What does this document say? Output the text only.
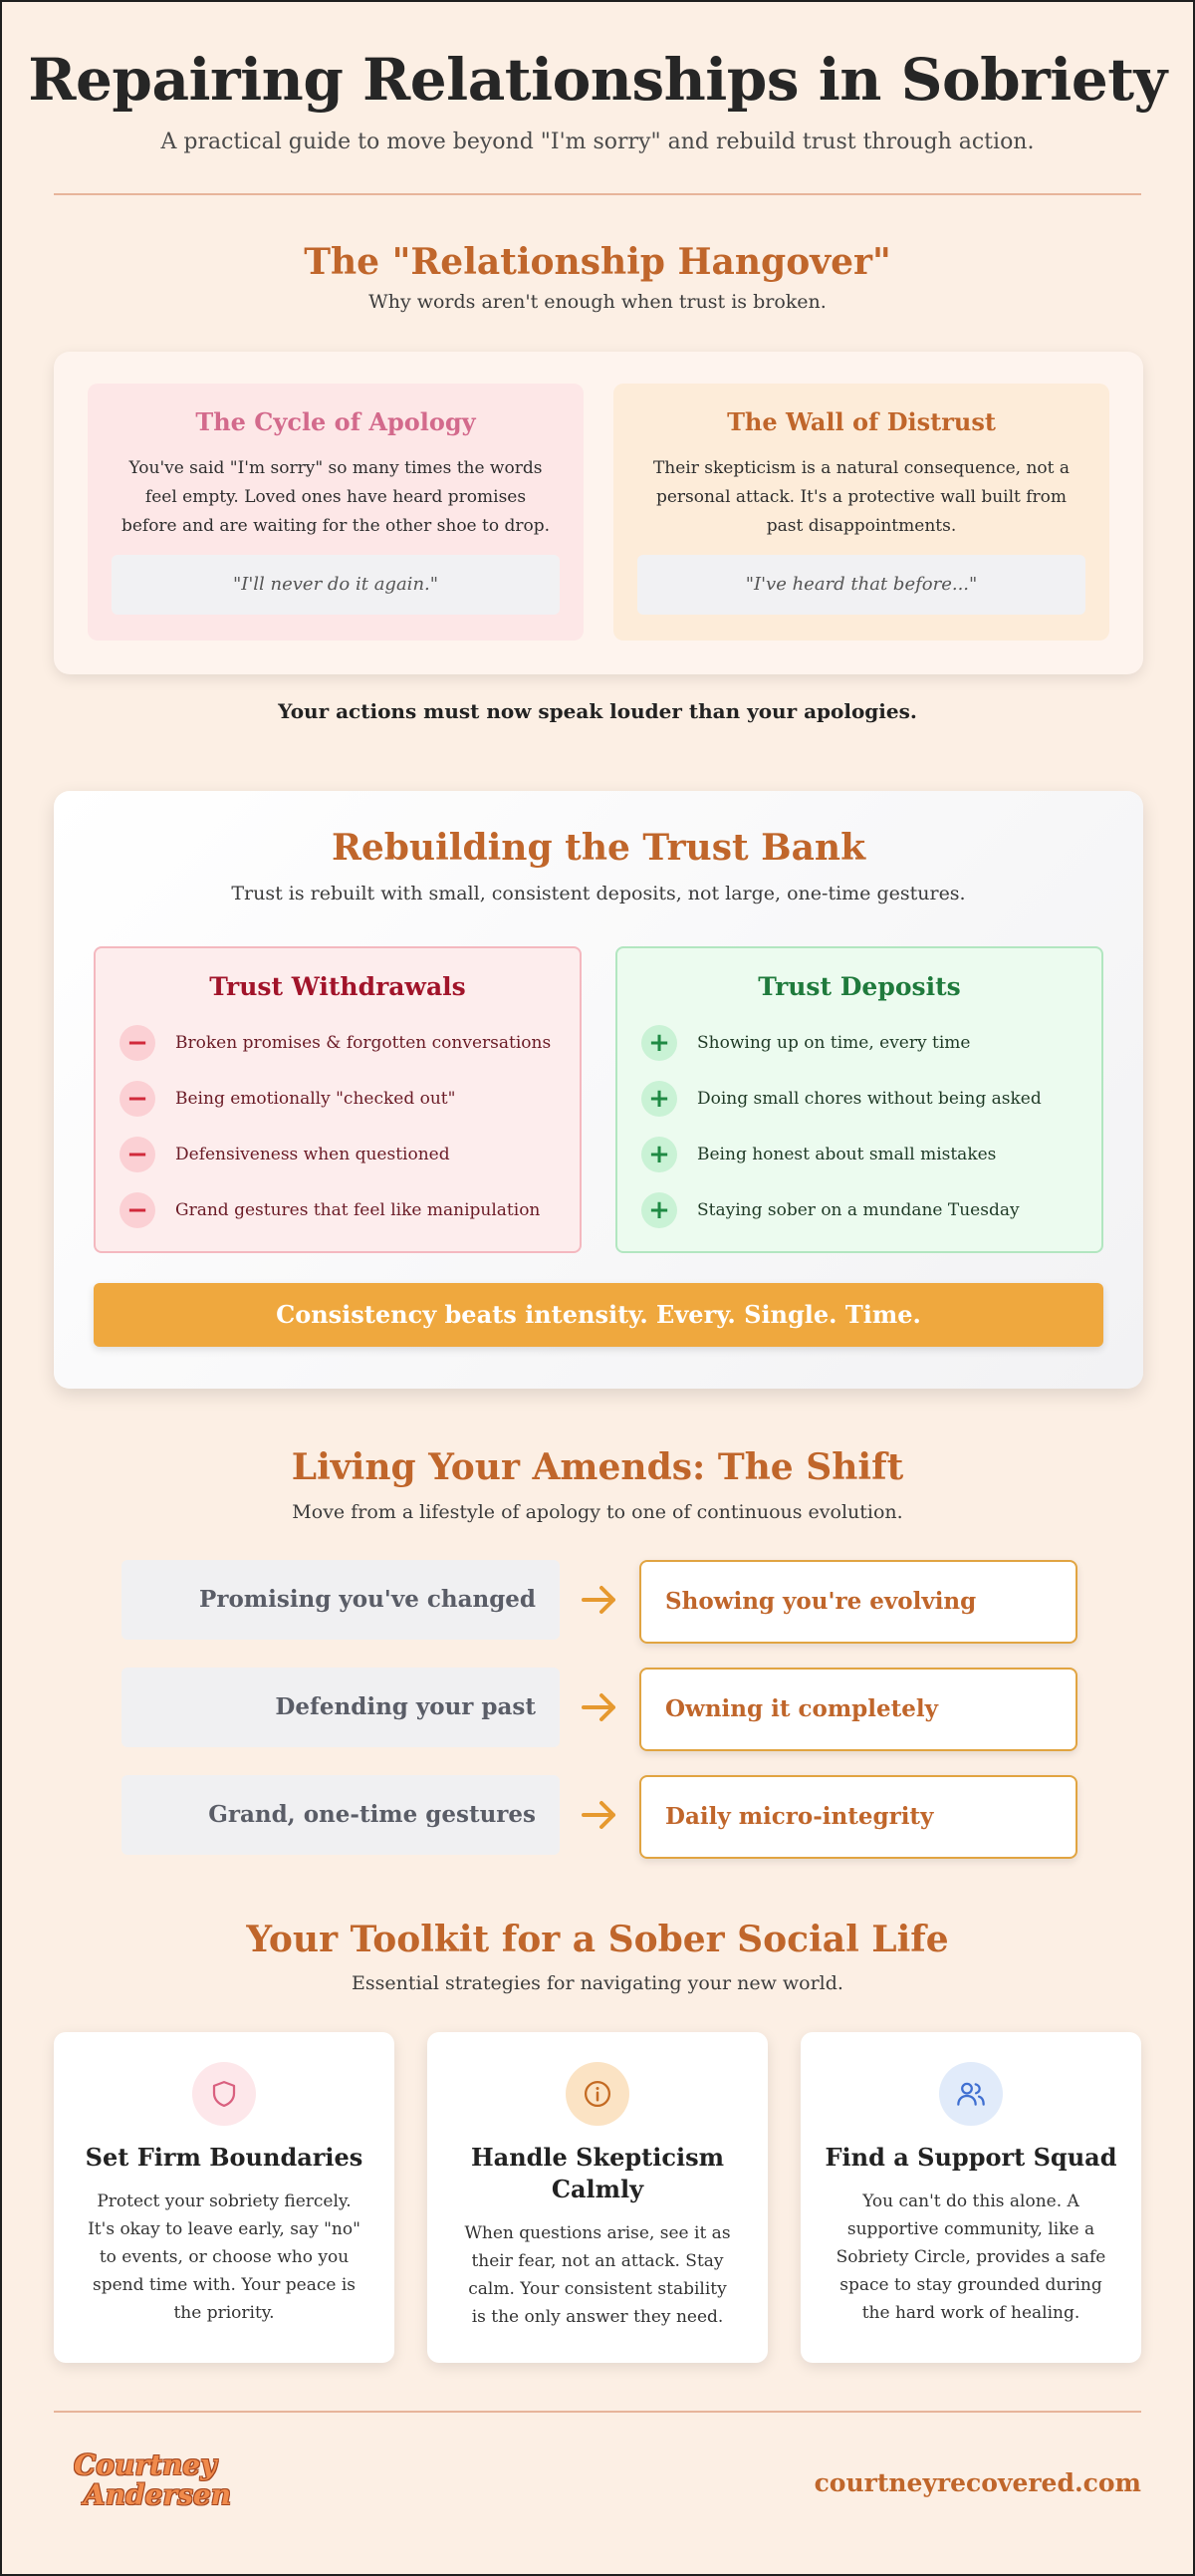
Repairing Relationships in Sobriety
A practical guide to move beyond "I'm sorry" and rebuild trust through action.
The "Relationship Hangover"
Why words aren't enough when trust is broken.
The Cycle of Apology

You've said "I'm sorry" so many times the words feel empty. Loved ones have heard promises before and are waiting for the other shoe to drop.

"I'll never do it again."
The Wall of Distrust

Their skepticism is a natural consequence, not a personal attack. It's a protective wall built from past disappointments.

"I've heard that before..."
Your actions must now speak louder than your apologies.
Rebuilding the Trust Bank
Trust is rebuilt with small, consistent deposits, not large, one-time gestures.
Trust Withdrawals
−	Broken promises & forgotten conversations
−	Being emotionally "checked out"
−	Defensiveness when questioned
−	Grand gestures that feel like manipulation
Trust Deposits
+	Showing up on time, every time
+	Doing small chores without being asked
+	Being honest about small mistakes
+	Staying sober on a mundane Tuesday
Consistency beats intensity. Every. Single. Time.
Living Your Amends: The Shift
Move from a lifestyle of apology to one of continuous evolution.
Promising you've changed	Showing you're evolving
Defending your past	Owning it completely
Grand, one-time gestures	Daily micro-integrity
Your Toolkit for a Sober Social Life
Essential strategies for navigating your new world.
Set Firm Boundaries

Protect your sobriety fiercely. It's okay to leave early, say "no" to events, or choose who you spend time with. Your peace is the priority.

Handle Skepticism Calmly

When questions arise, see it as their fear, not an attack. Stay calm. Your consistent stability is the only answer they need.

Find a Support Squad

You can't do this alone. A supportive community, like a Sobriety Circle, provides a safe space to stay grounded during the hard work of healing.

Courtney
Andersen	courtneyrecovered.com
